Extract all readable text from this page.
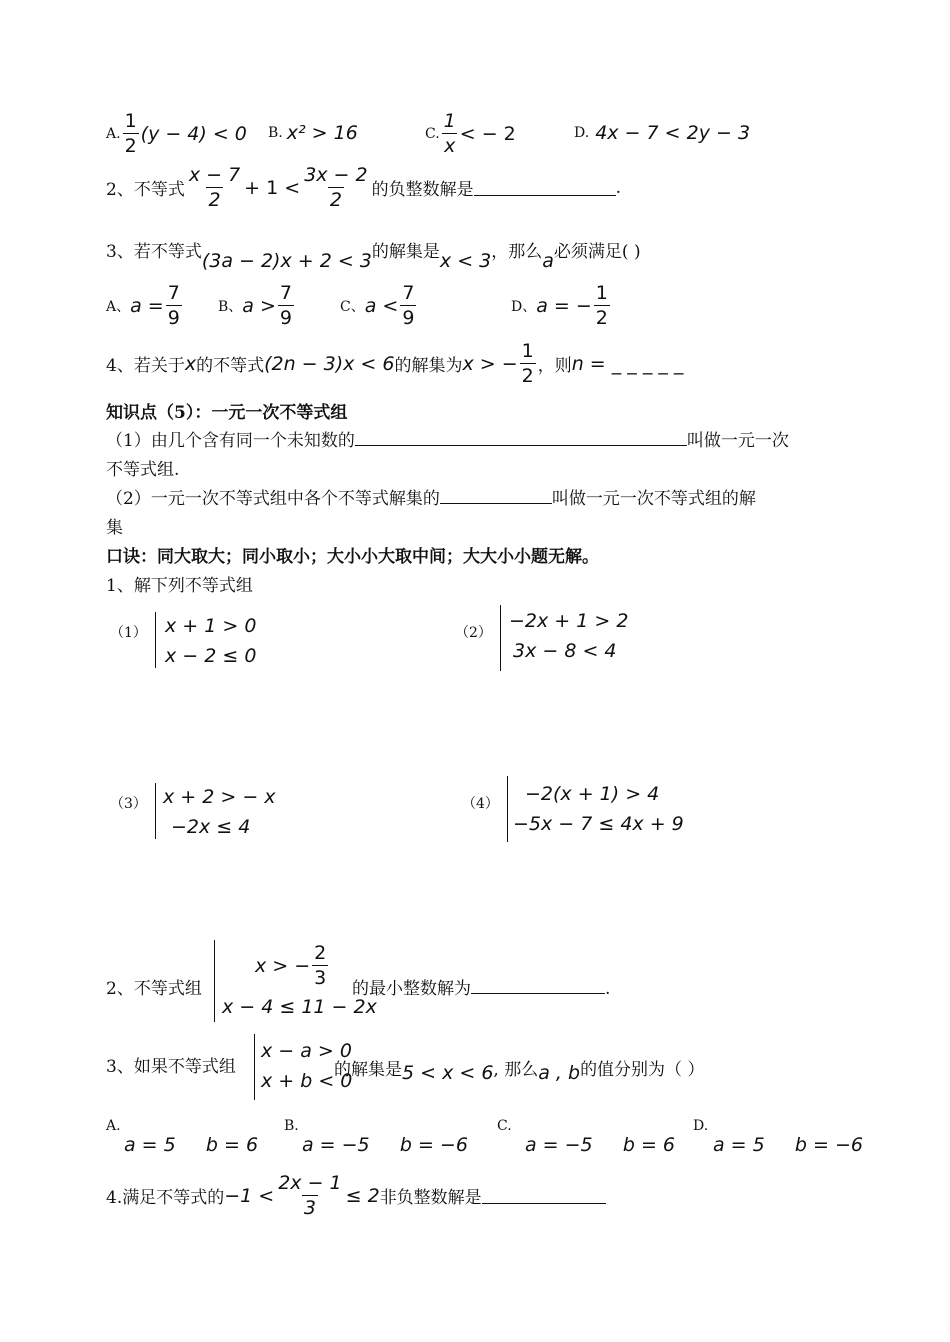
A. $\frac{1}{2} (y - 4) < 0$ B. x² > 16	C. $\frac{1}{x}$ < − 2	D. 4x − 7 < 2y − 3
2、不等式 $\frac{x - 7}{2} + 1 < \frac{3x - 2}{2}$ 的负整数解是	.
3、若不等式 (3a − 2)x + 2 < 3 的解集是 x < 3 ，那么 a 必须满足( )
A、 $a = \frac{7}{9}$	B、 $a > \frac{7}{9}$	C、 $a < \frac{7}{9}$	D、 a = − $\frac{1}{2}$
4、若关于 x 的不等式 (2n − 3)x < 6 的解集为 x > − $\frac{1}{2}$ ，则 n = _ _ _ _ _
知识点（5）：一元一次不等式组
（1）由几个含有同一个未知数的	叫做一元一次
不等式组.
（2）一元一次不等式组中各个不等式解集的	叫做一元一次不等式组的解
集
口诀：同大取大；同小取小；大小小大取中间；大大小小题无解。
1、解下列不等式组
（1） x + 1 > 0
x − 2 ≤ 0
（2）
−2x + 1 > 2
3x − 8 < 4
（3） x + 2 > − x
−2x ≤ 4
（4） −2(x + 1) > 4
−5x − 7 ≤ 4x + 9
2、不等式组
x > − $\frac{2}{3}$
x − 4 ≤ 11 − 2x
的最小整数解为	.
3、如果不等式组
x − a > 0
x + b < 0
的解集是 5 < x < 6 , 那么 a , b 的值分别为（ ）
A.
a = 5     b = 6
B.
a = −5     b = −6
C.
a = −5     b = 6
D.
a = 5     b = −6
4.满足不等式的 $-1 < \frac{2x - 1}{3} \le 2$ 非负整数解是
